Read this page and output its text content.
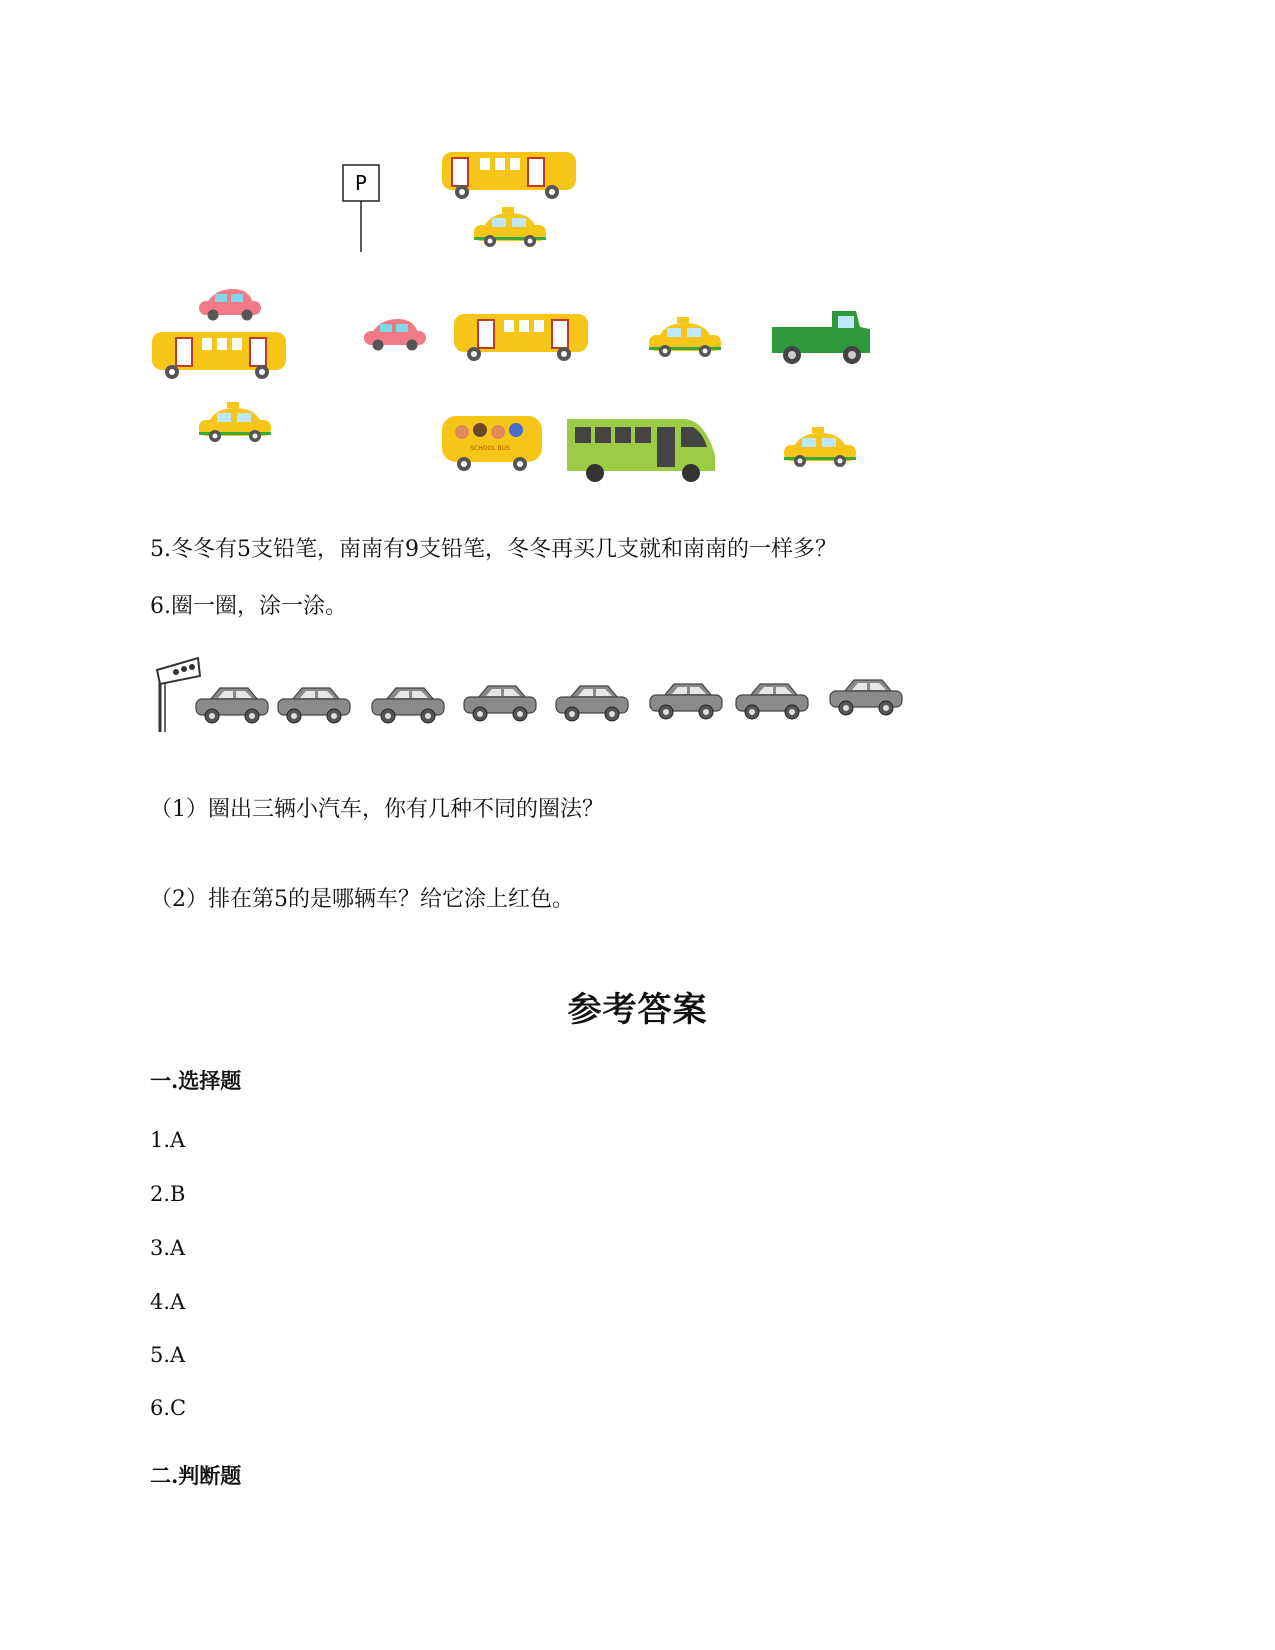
P
SCHOOL BUS
5.冬冬有5支铅笔，南南有9支铅笔，冬冬再买几支就和南南的一样多？
6.圈一圈，涂一涂。
（1）圈出三辆小汽车，你有几种不同的圈法？
（2）排在第5的是哪辆车？给它涂上红色。
参考答案
一.选择题
1.A
2.B
3.A
4.A
5.A
6.C
二.判断题
